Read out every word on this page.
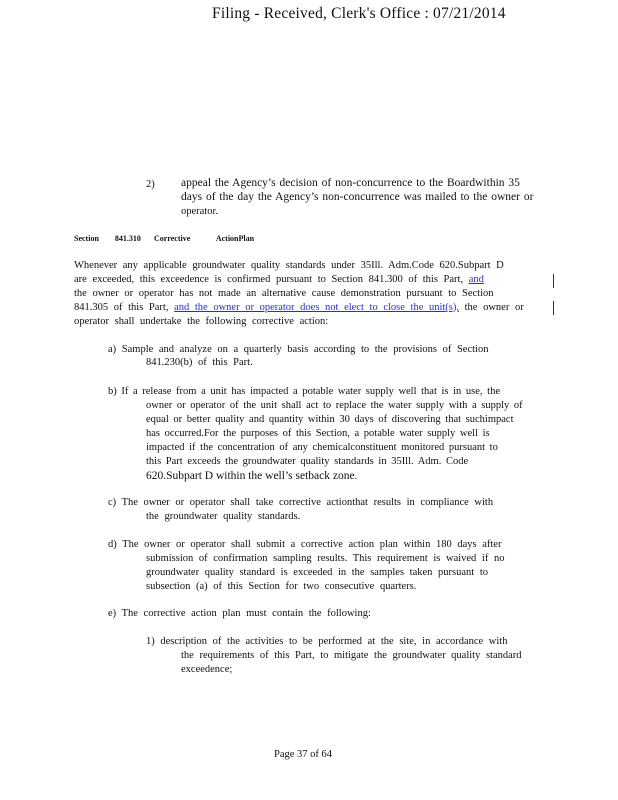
Filing - Received, Clerk's Office : 07/21/2014
2) appeal the Agency’s decision of non-concurrence to the Boardwithin 35
days of the day the Agency’s non-concurrence was mailed to the owner or
operator.
Section 841.310 Corrective ActionPlan
Whenever any applicable groundwater quality standards under 35Ill. Adm.Code 620.Subpart D
are exceeded, this exceedence is confirmed pursuant to Section 841.300 of this Part, and
the owner or operator has not made an alternative cause demonstration pursuant to Section
841.305 of this Part, and the owner or operator does not elect to close the unit(s), the owner or
operator shall undertake the following corrective action:
a) Sample and analyze on a quarterly basis according to the provisions of Section
841.230(b) of this Part.
b) If a release from a unit has impacted a potable water supply well that is in use, the
owner or operator of the unit shall act to replace the water supply with a supply of
equal or better quality and quantity within 30 days of discovering that suchimpact
has occurred.For the purposes of this Section, a potable water supply well is
impacted if the concentration of any chemicalconstituent monitored pursuant to
this Part exceeds the groundwater quality standards in 35Ill. Adm. Code
620.Subpart D within the well’s setback zone.
c) The owner or operator shall take corrective actionthat results in compliance with
the groundwater quality standards.
d) The owner or operator shall submit a corrective action plan within 180 days after
submission of confirmation sampling results. This requirement is waived if no
groundwater quality standard is exceeded in the samples taken pursuant to
subsection (a) of this Section for two consecutive quarters.
e) The corrective action plan must contain the following:
1) description of the activities to be performed at the site, in accordance with
the requirements of this Part, to mitigate the groundwater quality standard
exceedence;
Page 37 of 64
